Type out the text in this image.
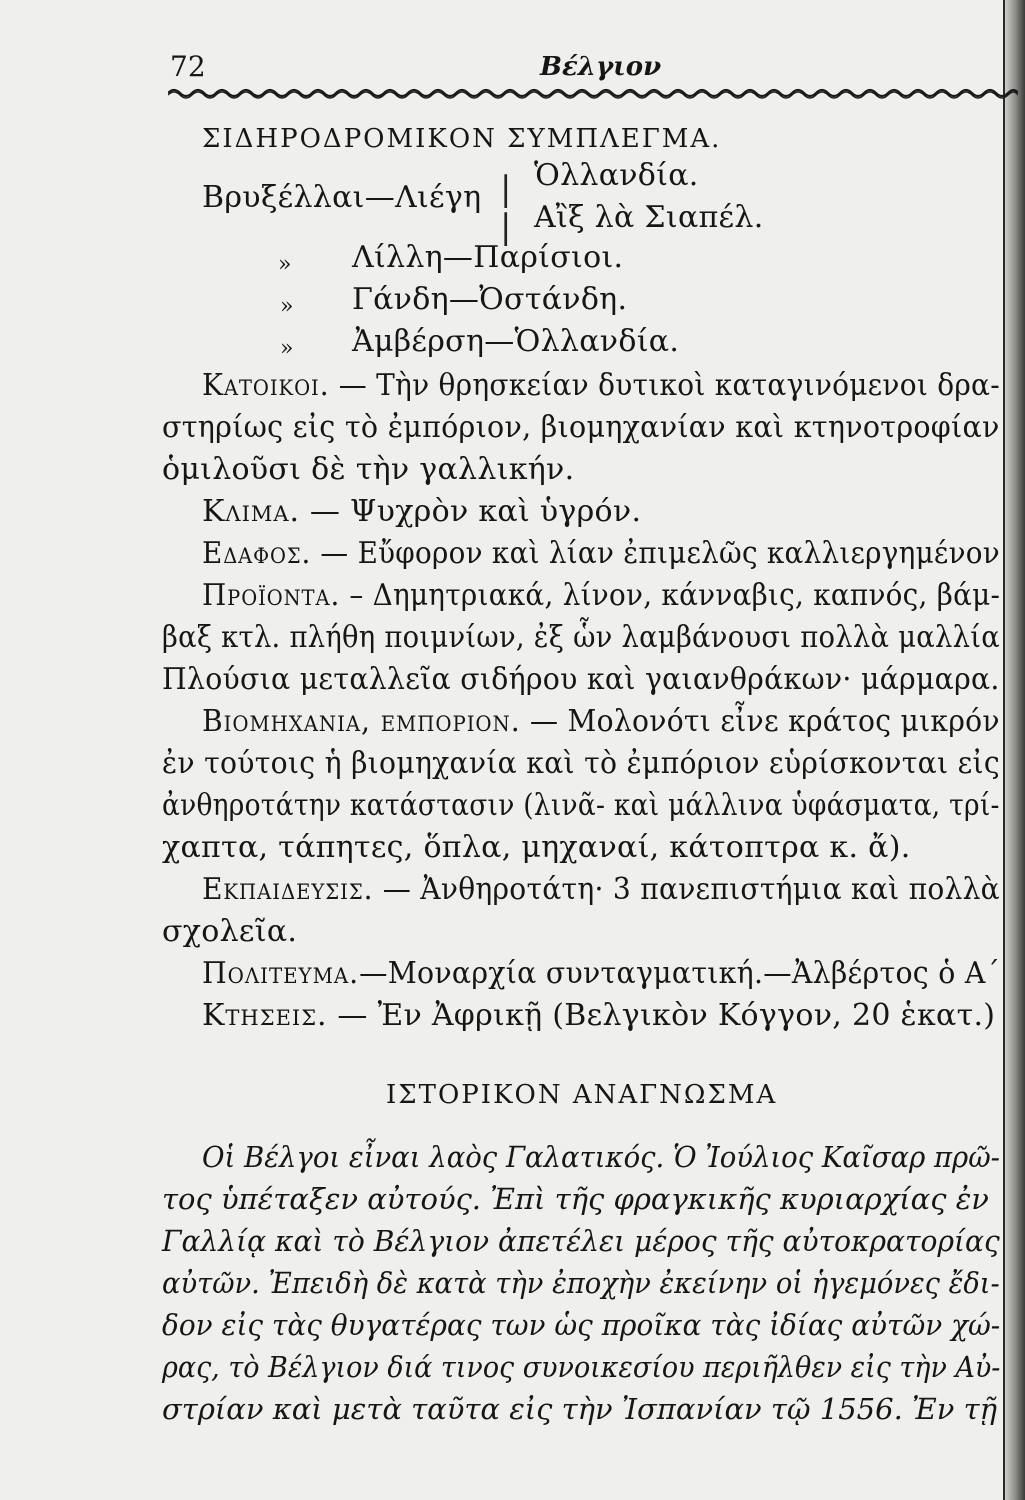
72	Βέλγιον
ΣΙΔΗΡΟΔΡΟΜΙΚΟΝ ΣΥΜΠΛΕΓΜΑ.
Βρυξέλλαι—Λιέγη |
|
Ὁλλανδία.
Αἲξ λὰ Σιαπέλ.
» Λίλλη—Παρίσιοι.
» Γάνδη—Ὀστάνδη.
» Ἀμβέρση—Ὁλλανδία.
Κατοικοι. — Τὴν θρησκείαν δυτικοὶ καταγινόμενοι δρα-
στηρίως εἰς τὸ ἐμπόριον, βιομηχανίαν καὶ κτηνοτροφίαν
ὁμιλοῦσι δὲ τὴν γαλλικήν.
Κλιμα. — Ψυχρὸν καὶ ὑγρόν.
Εδαφος. — Εὔφορον καὶ λίαν ἐπιμελῶς καλλιεργημένον
Προϊοντα. – Δημητριακά, λίνον, κάνναβις, καπνός, βάμ-
βαξ κτλ. πλήθη ποιμνίων, ἐξ ὧν λαμβάνουσι πολλὰ μαλλία
Πλούσια μεταλλεῖα σιδήρου καὶ γαιανθράκων· μάρμαρα.
Βιομηχανια, εμποριον. — Μολονότι εἶνε κράτος μικρόν
ἐν τούτοις ἡ βιομηχανία καὶ τὸ ἐμπόριον εὑρίσκονται εἰς
ἀνθηροτάτην κατάστασιν (λινᾶ- καὶ μάλλινα ὑφάσματα, τρί-
χαπτα, τάπητες, ὅπλα, μηχαναί, κάτοπτρα κ. ἄ).
Εκπαιδευσις. — Ἀνθηροτάτη· 3 πανεπιστήμια καὶ πολλὰ
σχολεῖα.
Πολιτευμα.—Μοναρχία συνταγματική.—Ἀλβέρτος ὁ Α΄
Κτησεις. — Ἐν Ἀφρικῇ (Βελγικὸν Κόγγον, 20 ἑκατ.)
ΙΣΤΟΡΙΚΟΝ ΑΝΑΓΝΩΣΜΑ
Οἱ Βέλγοι εἶναι λαὸς Γαλατικός. Ὁ Ἰούλιος Καῖσαρ πρῶ-
τος ὑπέταξεν αὐτούς. Ἐπὶ τῆς φραγκικῆς κυριαρχίας ἐν
Γαλλίᾳ καὶ τὸ Βέλγιον ἀπετέλει μέρος τῆς αὐτοκρατορίας
αὐτῶν. Ἐπειδὴ δὲ κατὰ τὴν ἐποχὴν ἐκείνην οἱ ἡγεμόνες ἔδι-
δον εἰς τὰς θυγατέρας των ὡς προῖκα τὰς ἰδίας αὐτῶν χώ-
ρας, τὸ Βέλγιον διά τινος συνοικεσίου περιῆλθεν εἰς τὴν Αὐ-
στρίαν καὶ μετὰ ταῦτα εἰς τὴν Ἰσπανίαν τῷ 1556. Ἐν τῇ
